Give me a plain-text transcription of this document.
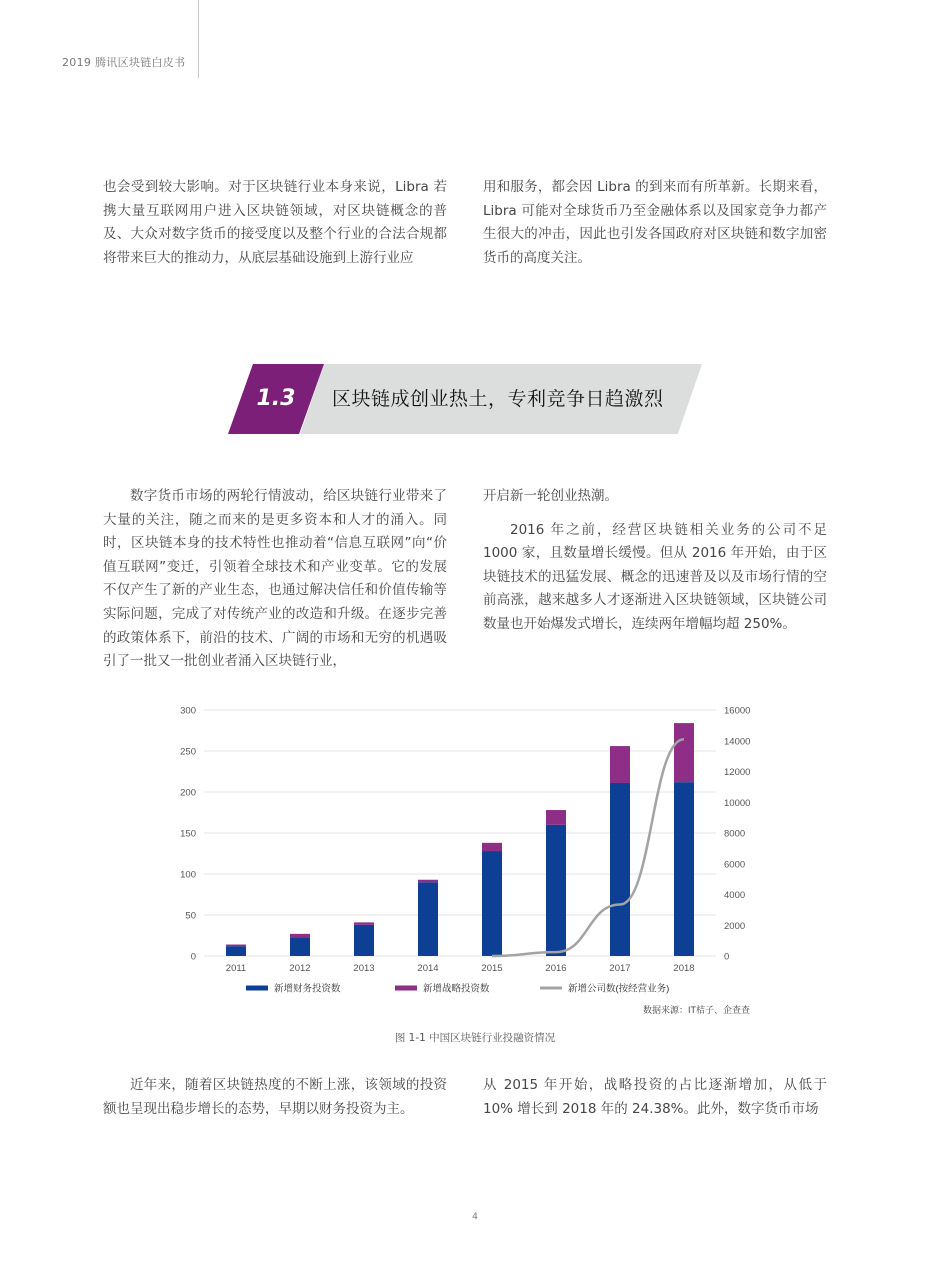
2019 腾讯区块链白皮书

也会受到较大影响。对于区块链行业本身来说，Libra 若携大量互联网用户进入区块链领域，对区块链概念的普及、大众对数字货币的接受度以及整个行业的合法合规都将带来巨大的推动力，从底层基础设施到上游行业应

用和服务，都会因 Libra 的到来而有所革新。长期来看，Libra 可能对全球货币乃至金融体系以及国家竞争力都产生很大的冲击，因此也引发各国政府对区块链和数字加密货币的高度关注。

1.3	区块链成创业热土，专利竞争日趋激烈

数字货币市场的两轮行情波动，给区块链行业带来了大量的关注，随之而来的是更多资本和人才的涌入。同时，区块链本身的技术特性也推动着“信息互联网”向“价值互联网”变迁，引领着全球技术和产业变革。它的发展不仅产生了新的产业生态，也通过解决信任和价值传输等实际问题，完成了对传统产业的改造和升级。在逐步完善的政策体系下，前沿的技术、广阔的市场和无穷的机遇吸引了一批又一批创业者涌入区块链行业，

开启新一轮创业热潮。

2016 年之前，经营区块链相关业务的公司不足 1000 家，且数量增长缓慢。但从 2016 年开始，由于区块链技术的迅猛发展、概念的迅速普及以及市场行情的空前高涨，越来越多人才逐渐进入区块链领域，区块链公司数量也开始爆发式增长，连续两年增幅均超 250%。

0
50
100
150
200
250
300
0
2000
4000
6000
8000
10000
12000
14000
16000
2011	2012	2013	2014	2015	2016	2017	2018
新增财务投资数	新增战略投资数	新增公司数(按经营业务)
数据来源：IT桔子、企查查
图 1-1 中国区块链行业投融资情况

近年来，随着区块链热度的不断上涨，该领域的投资额也呈现出稳步增长的态势，早期以财务投资为主。

从 2015 年开始，战略投资的占比逐渐增加，从低于 10% 增长到 2018 年的 24.38%。此外，数字货币市场

4
